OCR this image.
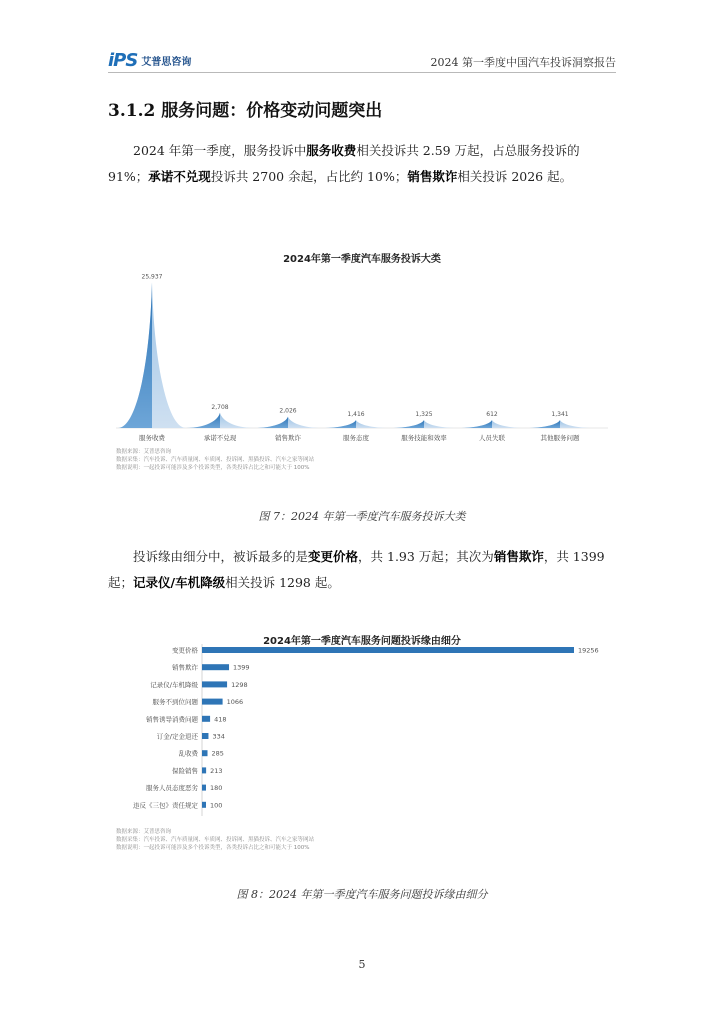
iPS 艾普思咨询	2024 第一季度中国汽车投诉洞察报告
3.1.2 服务问题：价格变动问题突出

2024 年第一季度，服务投诉中服务收费相关投诉共 2.59 万起，占总服务投诉的 91%；承诺不兑现投诉共 2700 余起，占比约 10%；销售欺诈相关投诉 2026 起。

2024年第一季度汽车服务投诉大类
25,937
服务收费
2,708
承诺不兑现
2,026
销售欺诈
1,416
服务态度
1,325
服务技能和效率
612
人员失联
1,341
其他服务问题
数据来源：艾普思咨询
数据采集：汽车投诉、汽车质量网、车质网、投诉网、黑猫投诉、汽车之家等网站
数据说明：一起投诉可能涉及多个投诉类型，各类投诉占比之和可能大于 100%
图 7：2024 年第一季度汽车服务投诉大类

投诉缘由细分中，被诉最多的是变更价格，共 1.93 万起；其次为销售欺诈，共 1399 起；记录仪/车机降级相关投诉 1298 起。

2024年第一季度汽车服务问题投诉缘由细分
变更价格	19256
销售欺诈	1399
记录仪/车机降级	1298
服务不到位问题	1066
销售诱导消费问题 418
订金/定金退还 334
乱收费 285
保险销售 213
服务人员态度恶劣 180
违反《三包》责任规定 100
数据来源：艾普思咨询
数据采集：汽车投诉、汽车质量网、车质网、投诉网、黑猫投诉、汽车之家等网站
数据说明：一起投诉可能涉及多个投诉类型，各类投诉占比之和可能大于 100%
图 8：2024 年第一季度汽车服务问题投诉缘由细分
5
